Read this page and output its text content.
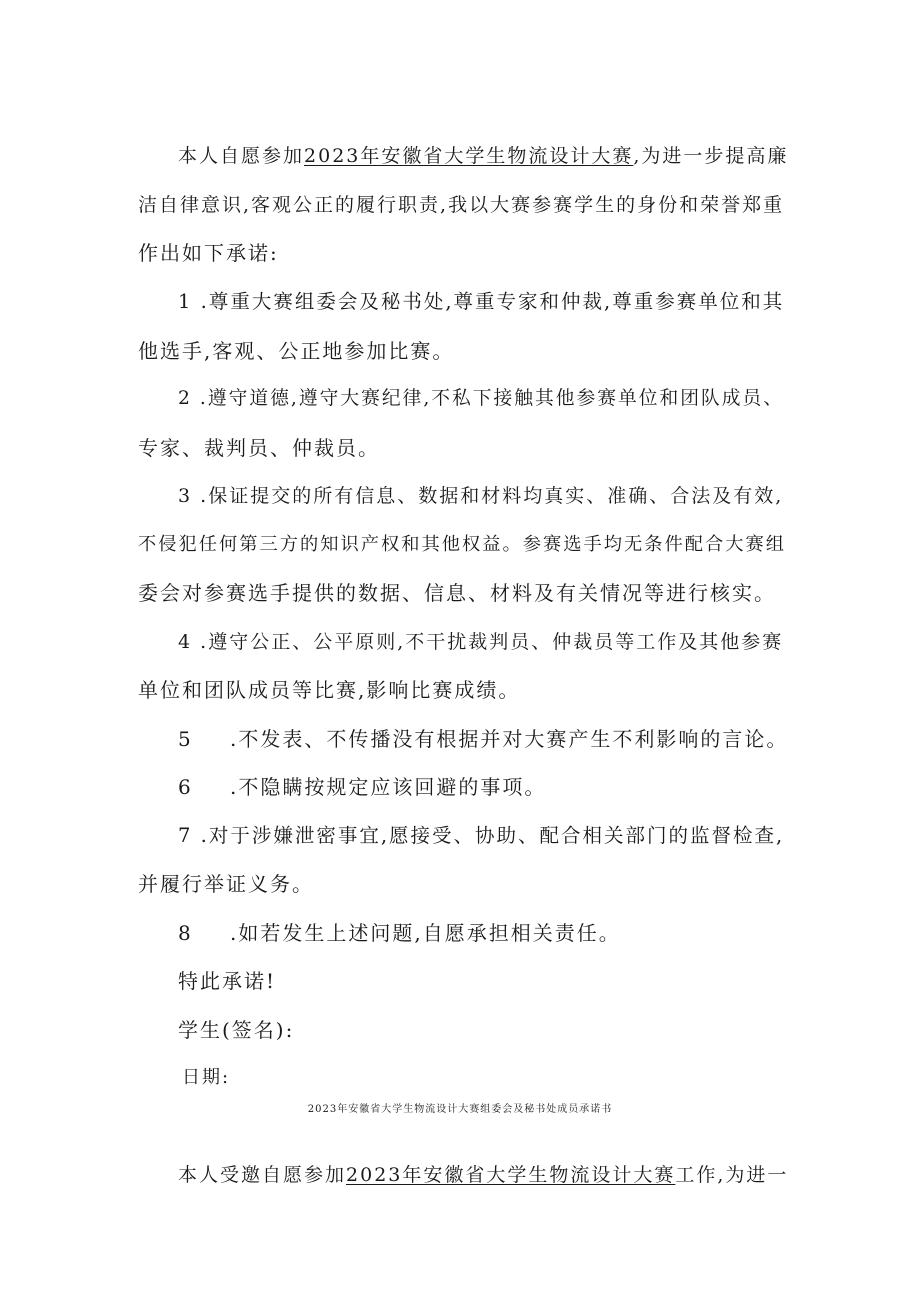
本人自愿参加2023年安徽省大学生物流设计大赛,为进一步提高廉

洁自律意识,客观公正的履行职责,我以大赛参赛学生的身份和荣誉郑重

作出如下承诺:

1 .尊重大赛组委会及秘书处,尊重专家和仲裁,尊重参赛单位和其

他选手,客观、公正地参加比赛。

2 .遵守道德,遵守大赛纪律,不私下接触其他参赛单位和团队成员、

专家、裁判员、仲裁员。

3 .保证提交的所有信息、数据和材料均真实、准确、合法及有效,

不侵犯任何第三方的知识产权和其他权益。参赛选手均无条件配合大赛组

委会对参赛选手提供的数据、信息、材料及有关情况等进行核实。

4 .遵守公正、公平原则,不干扰裁判员、仲裁员等工作及其他参赛

单位和团队成员等比赛,影响比赛成绩。

5 .不发表、不传播没有根据并对大赛产生不利影响的言论。

6 .不隐瞒按规定应该回避的事项。

7 .对于涉嫌泄密事宜,愿接受、协助、配合相关部门的监督检查,

并履行举证义务。

8 .如若发生上述问题,自愿承担相关责任。

特此承诺!

学生(签名):

日期:

2023年安徽省大学生物流设计大赛组委会及秘书处成员承诺书

本人受邀自愿参加2023年安徽省大学生物流设计大赛工作,为进一
